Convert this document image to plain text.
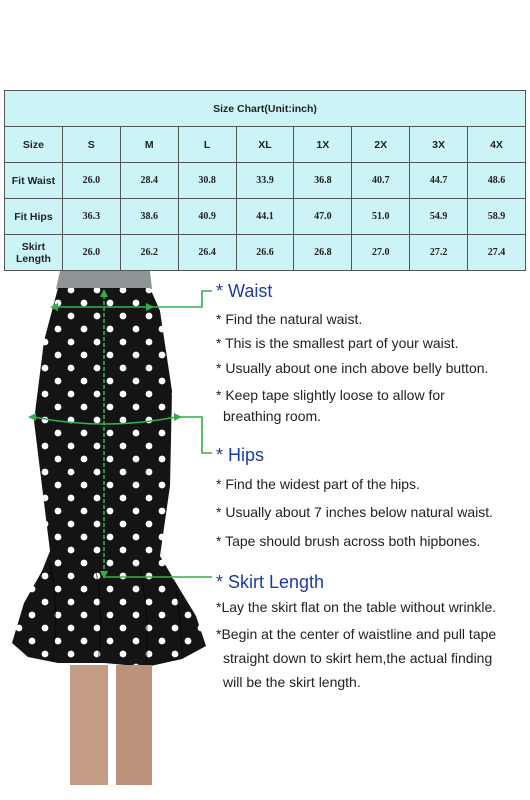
Size Chart(Unit:inch)								
Size	S	M	L	XL	1X	2X	3X	4X
Fit Waist	26.0	28.4	30.8	33.9	36.8	40.7	44.7	48.6
Fit Hips	36.3	38.6	40.9	44.1	47.0	51.0	54.9	58.9
Skirt Length	26.0	26.2	26.4	26.6	26.8	27.0	27.2	27.4
* Waist
* Find the natural waist.
* This is the smallest part of your waist.
* Usually about one inch above belly button.
* Keep tape slightly loose to allow for
breathing room.
* Hips
* Find the widest part of the hips.
* Usually about 7 inches below natural waist.
* Tape should brush across both hipbones.
* Skirt Length
*Lay the skirt flat on the table without wrinkle.
*Begin at the center of waistline and pull tape
straight down to skirt hem,the actual finding
will be the skirt length.
